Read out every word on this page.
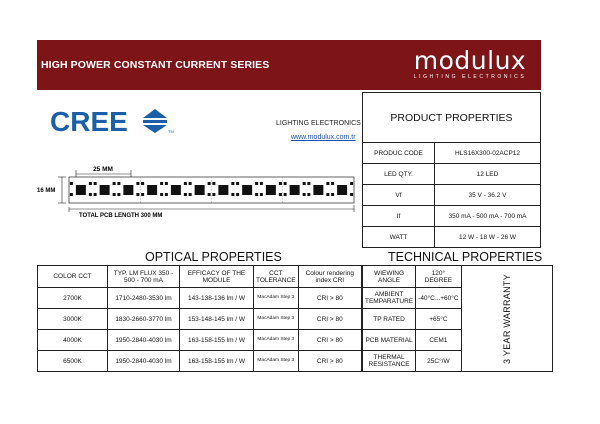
HIGH POWER CONSTANT CURRENT SERIES	modulux
LIGHTING ELECTRONICS
CREE	TM
LIGHTING ELECTRONICS
www.modulux.com.tr
25 MM
16 MM
TOTAL PCB LENGTH 300 MM
PRODUCT PROPERTIES	
PRODUC CODE	HLS16X300-02ACP12
LED QTY.	12 LED
Vf	35 V - 36.2 V
If	350 mA - 500 mA - 700 mA
WATT	12 W - 18 W - 26 W
OPTICAL PROPERTIES	TECHNICAL PROPERTIES
COLOR CCT	TYP. LM FLUX 350 - 500 - 700 mA	EFFICACY OF THE MODULE	CCT TOLERANCE	Colour rendering index CRI
2700K	1710-2480-3530 lm	143-138-136 lm / W	MacAdam Step 3	CRI > 80
3000K	1830-2660-3770 lm	153-148-145 lm / W	MacAdam Step 3	CRI > 80
4000K	1950-2840-4030 lm	163-158-155 lm / W	MacAdam Step 3	CRI > 80
6500K	1950-2840-4030 lm	163-158-155 lm / W	MacAdam Step 3	CRI > 80
WIEWING ANGLE	120° DEGREE	3 YEAR WARRANTY
AMBIENT TEMPARATURE	-40°C...+60°C	
TP RATED	+65°C	
PCB MATERIAL	CEM1	
THERMAL RESISTANCE	25C°/W	
